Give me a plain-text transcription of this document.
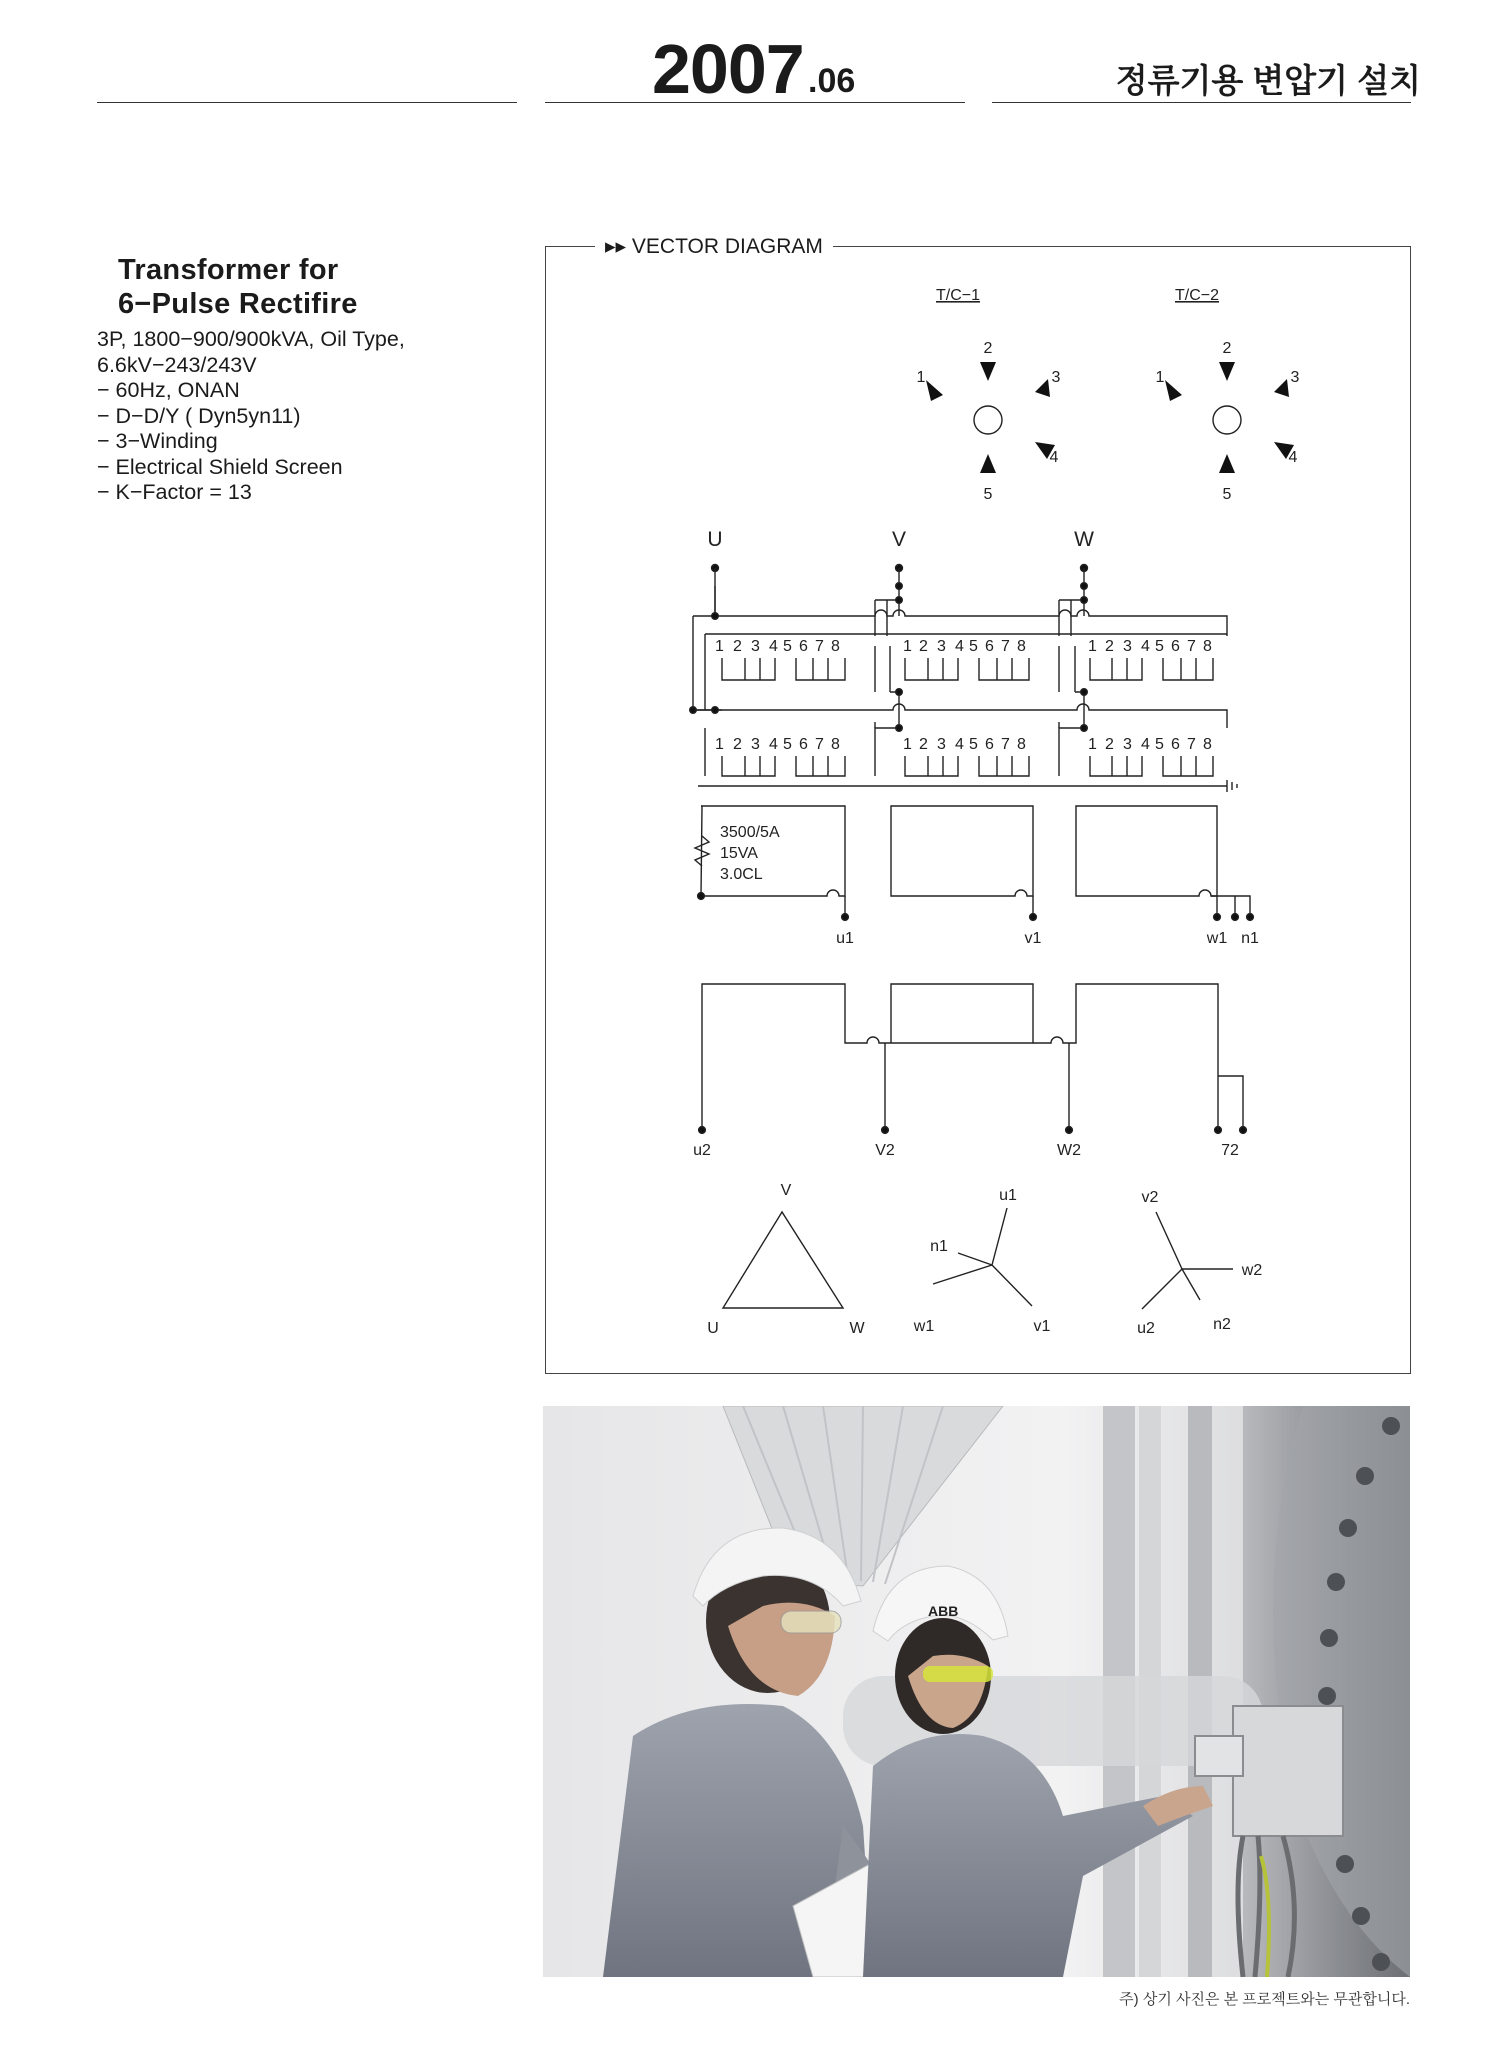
2007 .06	정류기용 변압기 설치
Transformer for
6−Pulse Rectifire
3P, 1800−900/900kVA, Oil Type,
6.6kV−243/243V
− 60Hz, ONAN
− D−D/Y ( Dyn5yn11)
− 3−Winding
− Electrical Shield Screen
− K−Factor = 13
T/C−1
2
1	3
4
5
T/C−2
2
1	3
4
5
U	V	W
1 2 3 4 5 6 7 8	1 2 3 4 5 6 7 8	1 2 3 4 5 6 7 8
1 2 3 4 5 6 7 8	1 2 3 4 5 6 7 8	1 2 3 4 5 6 7 8
3500/5A
15VA
3.0CL
u1	v1	w1 n1
u2	V2	W2	72
V
U	W
u1
n1
w1	v1
v2
w2
u2	n2
▸▸ VECTOR DIAGRAM
ABB
주) 상기 사진은 본 프로젝트와는 무관합니다.
